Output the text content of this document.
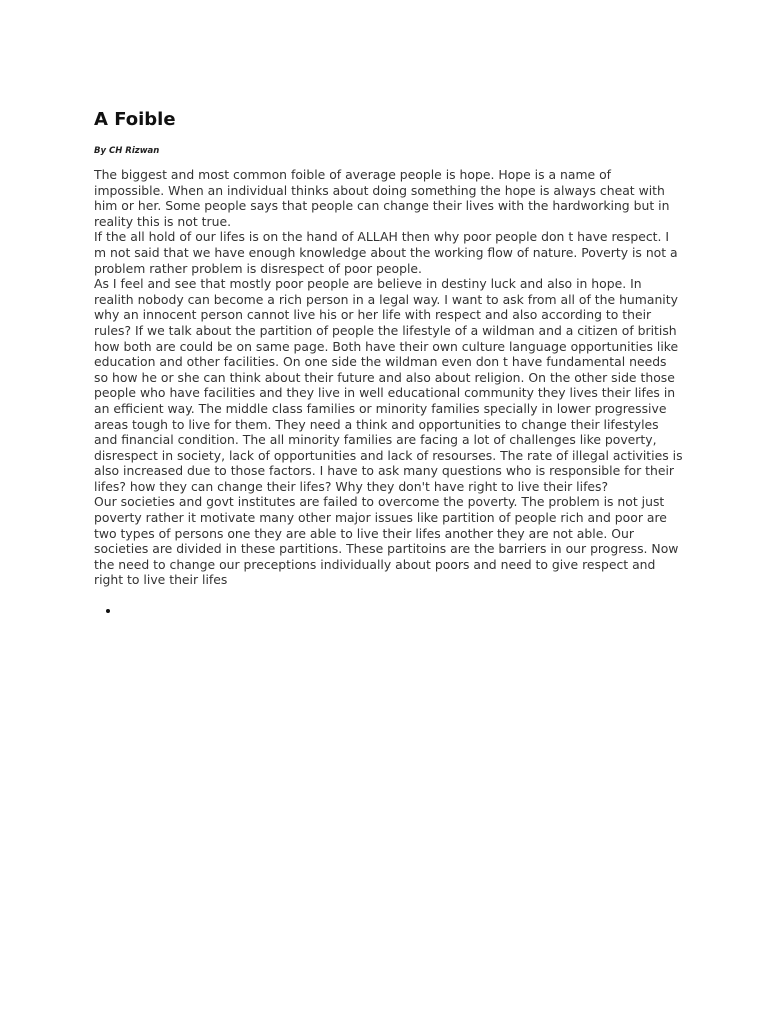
A Foible

By CH Rizwan

The biggest and most common foible of average people is hope. Hope is a name of impossible. When an individual thinks about doing something the hope is always cheat with him or her. Some people says that people can change their lives with the hardworking but in reality this is not true.

If the all hold of our lifes is on the hand of ALLAH then why poor people don t have respect. I m not said that we have enough knowledge about the working flow of nature. Poverty is not a problem rather problem is disrespect of poor people.

As I feel and see that mostly poor people are believe in destiny luck and also in hope. In realith nobody can become a rich person in a legal way. I want to ask from all of the humanity why an innocent person cannot live his or her life with respect and also according to their rules? If we talk about the partition of people the lifestyle of a wildman and a citizen of british how both are could be on same page. Both have their own culture language opportunities like education and other facilities. On one side the wildman even don t have fundamental needs so how he or she can think about their future and also about religion. On the other side those people who have facilities and they live in well educational community they lives their lifes in an efficient way. The middle class families or minority families specially in lower progressive areas tough to live for them. They need a think and opportunities to change their lifestyles and financial condition. The all minority families are facing a lot of challenges like poverty, disrespect in society, lack of opportunities and lack of resourses. The rate of illegal activities is also increased due to those factors. I have to ask many questions who is responsible for their lifes? how they can change their lifes? Why they don't have right to live their lifes?

Our societies and govt institutes are failed to overcome the poverty. The problem is not just poverty rather it motivate many other major issues like partition of people rich and poor are two types of persons one they are able to live their lifes another they are not able. Our societies are divided in these partitions. These partitoins are the barriers in our progress. Now the need to change our preceptions individually about poors and need to give respect and right to live their lifes

•
